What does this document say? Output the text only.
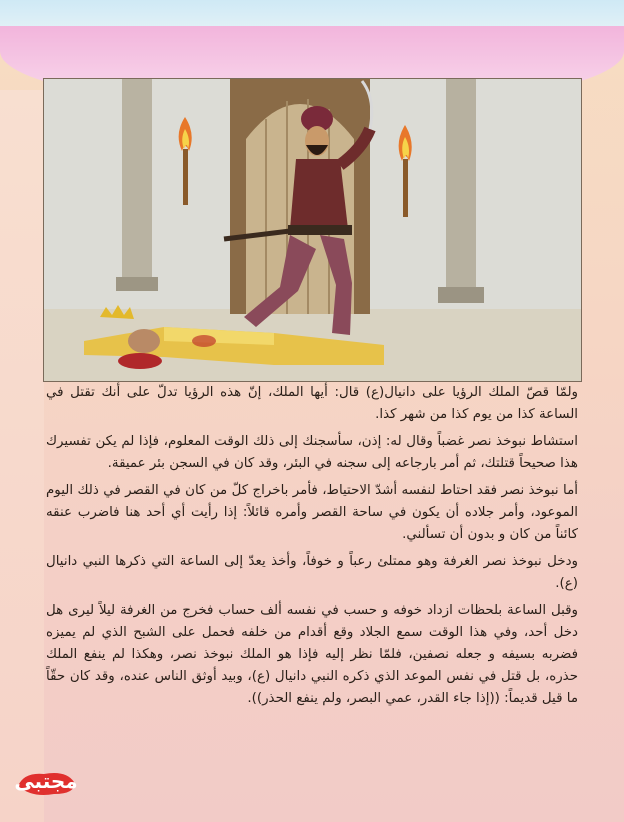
ولمّا قصّ الملك الرؤيا على دانيال(ع) قال: أيها الملك، إنّ هذه الرؤيا تدلّ على أنك تقتل في الساعة كذا من يوم كذا من شهر كذا.

استشاط نبوخذ نصر غضباً وقال له: إذن، سأسجنك إلى ذلك الوقت المعلوم، فإذا لم يكن تفسيرك هذا صحيحاً قتلتك، ثم أمر بارجاعه إلى سجنه في البئر، وقد كان في السجن بئر عميقة.

أما نبوخذ نصر فقد احتاط لنفسه أشدّ الاحتياط، فأمر باخراج كلّ من كان في القصر في ذلك اليوم الموعود، وأمر جلاده أن يكون في ساحة القصر وأمره قائلاً: إذا رأيت أي أحد هنا فاضرب عنقه كائناً من كان و بدون أن تسألني.

ودخل نبوخذ نصر الغرفة وهو ممتلئ رعباً و خوفاً، وأخذ يعدّ إلى الساعة التي ذكرها النبي دانيال (ع).

وقبل الساعة بلحظات ازداد خوفه و حسب في نفسه ألف حساب فخرج من الغرفة ليلاً ليرى هل دخل أحد، وفي هذا الوقت سمع الجلاد وقع أقدام من خلفه فحمل على الشبح الذي لم يميزه فضربه بسيفه و جعله نصفين، فلمّا نظر إليه فإذا هو الملك نبوخذ نصر، وهكذا لم ينفع الملك حذره، بل قتل في نفس الموعد الذي ذكره النبي دانيال (ع)، وبيد أوثق الناس عنده، وقد كان حقّاً ما قيل قديماً: ((إذا جاء القدر، عمي البصر، ولم ينفع الحذر)).

مجتبى
